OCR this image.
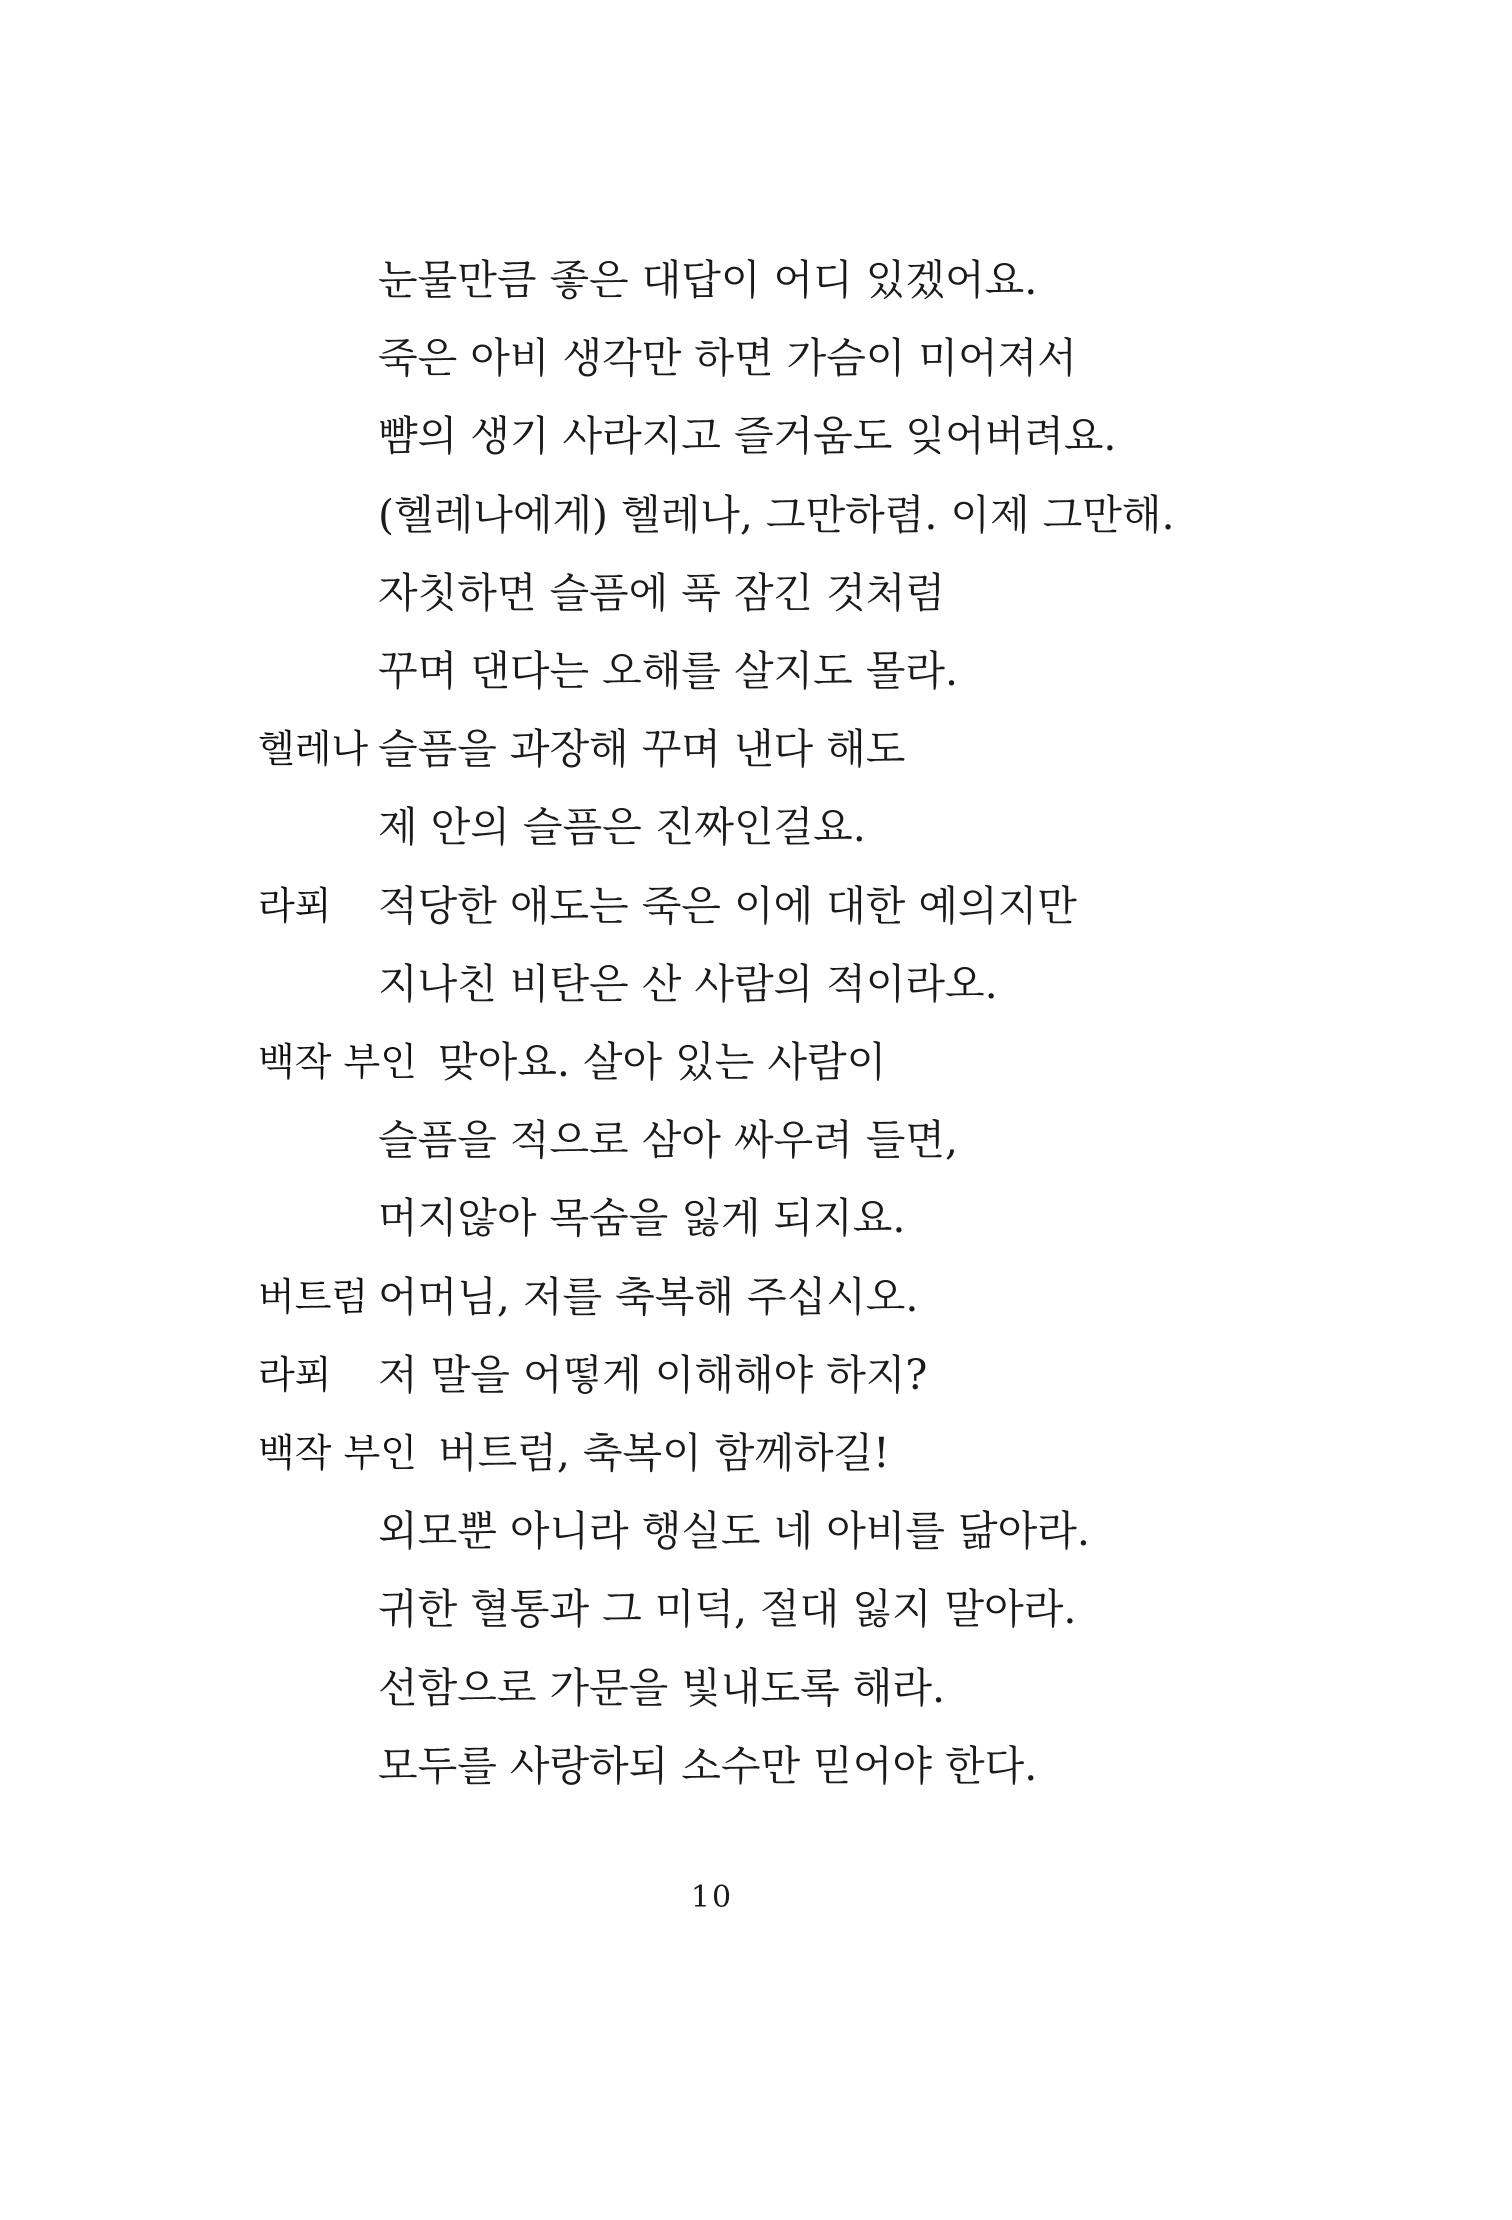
눈물만큼 좋은 대답이 어디 있겠어요.
죽은 아비 생각만 하면 가슴이 미어져서
뺨의 생기 사라지고 즐거움도 잊어버려요.
(헬레나에게) 헬레나, 그만하렴. 이제 그만해.
자칫하면 슬픔에 푹 잠긴 것처럼
꾸며 댄다는 오해를 살지도 몰라.
헬레나 슬픔을 과장해 꾸며 낸다 해도
제 안의 슬픔은 진짜인걸요.
라푀 적당한 애도는 죽은 이에 대한 예의지만
지나친 비탄은 산 사람의 적이라오.
백작 부인 맞아요. 살아 있는 사람이
슬픔을 적으로 삼아 싸우려 들면,
머지않아 목숨을 잃게 되지요.
버트럼 어머님, 저를 축복해 주십시오.
라푀 저 말을 어떻게 이해해야 하지?
백작 부인 버트럼, 축복이 함께하길!
외모뿐 아니라 행실도 네 아비를 닮아라.
귀한 혈통과 그 미덕, 절대 잃지 말아라.
선함으로 가문을 빛내도록 해라.
모두를 사랑하되 소수만 믿어야 한다.
10
